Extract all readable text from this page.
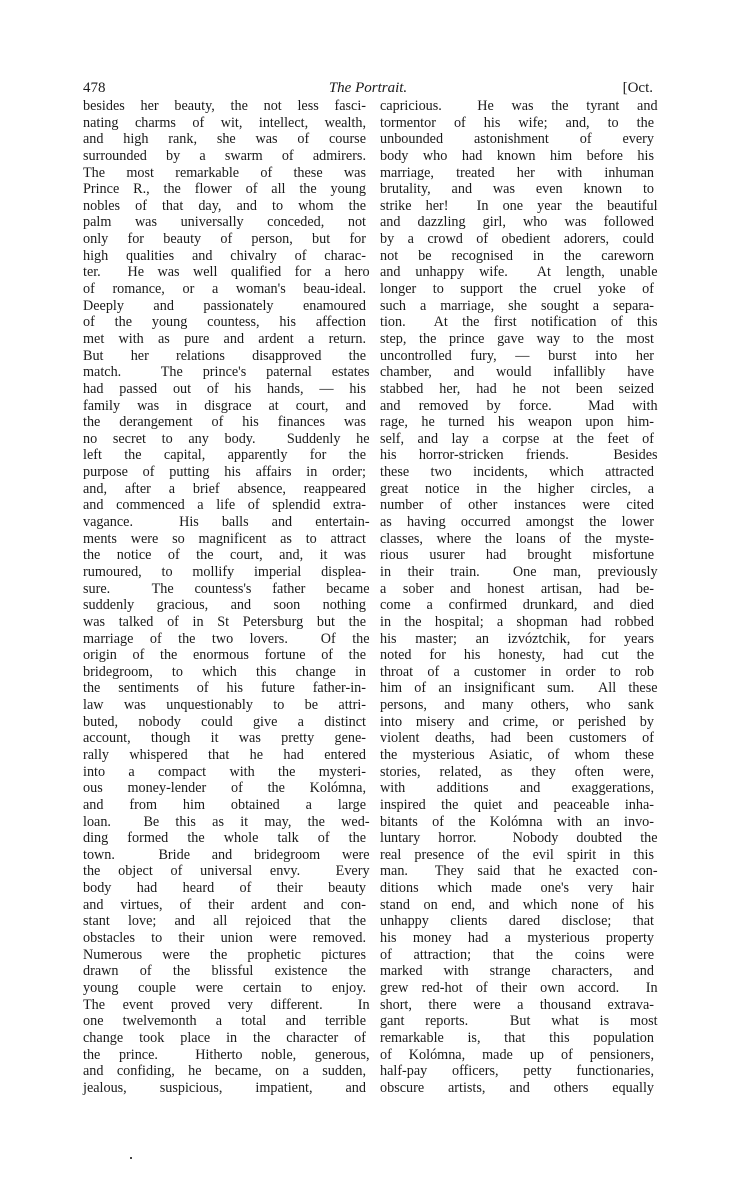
478	The Portrait.	[Oct.
besides her beauty, the not less fasci-
nating charms of wit, intellect, wealth,
and high rank, she was of course
surrounded by a swarm of admirers.
The most remarkable of these was
Prince R., the flower of all the young
nobles of that day, and to whom the
palm was universally conceded, not
only for beauty of person, but for
high qualities and chivalry of charac-
ter.  He was well qualified for a hero
of romance, or a woman's beau-ideal.
Deeply and passionately enamoured
of the young countess, his affection
met with as pure and ardent a return.
But her relations disapproved the
match.  The prince's paternal estates
had passed out of his hands, — his
family was in disgrace at court, and
the derangement of his finances was
no secret to any body.  Suddenly he
left the capital, apparently for the
purpose of putting his affairs in order;
and, after a brief absence, reappeared
and commenced a life of splendid extra-
vagance.  His balls and entertain-
ments were so magnificent as to attract
the notice of the court, and, it was
rumoured, to mollify imperial displea-
sure.  The countess's father became
suddenly gracious, and soon nothing
was talked of in St Petersburg but the
marriage of the two lovers.  Of the
origin of the enormous fortune of the
bridegroom, to which this change in
the sentiments of his future father-in-
law was unquestionably to be attri-
buted, nobody could give a distinct
account, though it was pretty gene-
rally whispered that he had entered
into a compact with the mysteri-
ous money-lender of the Kolómna,
and from him obtained a large
loan.  Be this as it may, the wed-
ding formed the whole talk of the
town.  Bride and bridegroom were
the object of universal envy.  Every
body had heard of their beauty
and virtues, of their ardent and con-
stant love; and all rejoiced that the
obstacles to their union were removed.
Numerous were the prophetic pictures
drawn of the blissful existence the
young couple were certain to enjoy.
The event proved very different.  In
one twelvemonth a total and terrible
change took place in the character of
the prince.  Hitherto noble, generous,
and confiding, he became, on a sudden,
jealous, suspicious, impatient, and
capricious.  He was the tyrant and
tormentor of his wife; and, to the
unbounded astonishment of every
body who had known him before his
marriage, treated her with inhuman
brutality, and was even known to
strike her!  In one year the beautiful
and dazzling girl, who was followed
by a crowd of obedient adorers, could
not be recognised in the careworn
and unhappy wife.  At length, unable
longer to support the cruel yoke of
such a marriage, she sought a separa-
tion.  At the first notification of this
step, the prince gave way to the most
uncontrolled fury, — burst into her
chamber, and would infallibly have
stabbed her, had he not been seized
and removed by force.  Mad with
rage, he turned his weapon upon him-
self, and lay a corpse at the feet of
his horror-stricken friends.  Besides
these two incidents, which attracted
great notice in the higher circles, a
number of other instances were cited
as having occurred amongst the lower
classes, where the loans of the myste-
rious usurer had brought misfortune
in their train.  One man, previously
a sober and honest artisan, had be-
come a confirmed drunkard, and died
in the hospital; a shopman had robbed
his master; an izvóztchik, for years
noted for his honesty, had cut the
throat of a customer in order to rob
him of an insignificant sum.  All these
persons, and many others, who sank
into misery and crime, or perished by
violent deaths, had been customers of
the mysterious Asiatic, of whom these
stories, related, as they often were,
with additions and exaggerations,
inspired the quiet and peaceable inha-
bitants of the Kolómna with an invo-
luntary horror.  Nobody doubted the
real presence of the evil spirit in this
man.  They said that he exacted con-
ditions which made one's very hair
stand on end, and which none of his
unhappy clients dared disclose; that
his money had a mysterious property
of attraction; that the coins were
marked with strange characters, and
grew red-hot of their own accord.  In
short, there were a thousand extrava-
gant reports.  But what is most
remarkable is, that this population
of Kolómna, made up of pensioners,
half-pay officers, petty functionaries,
obscure artists, and others equally
